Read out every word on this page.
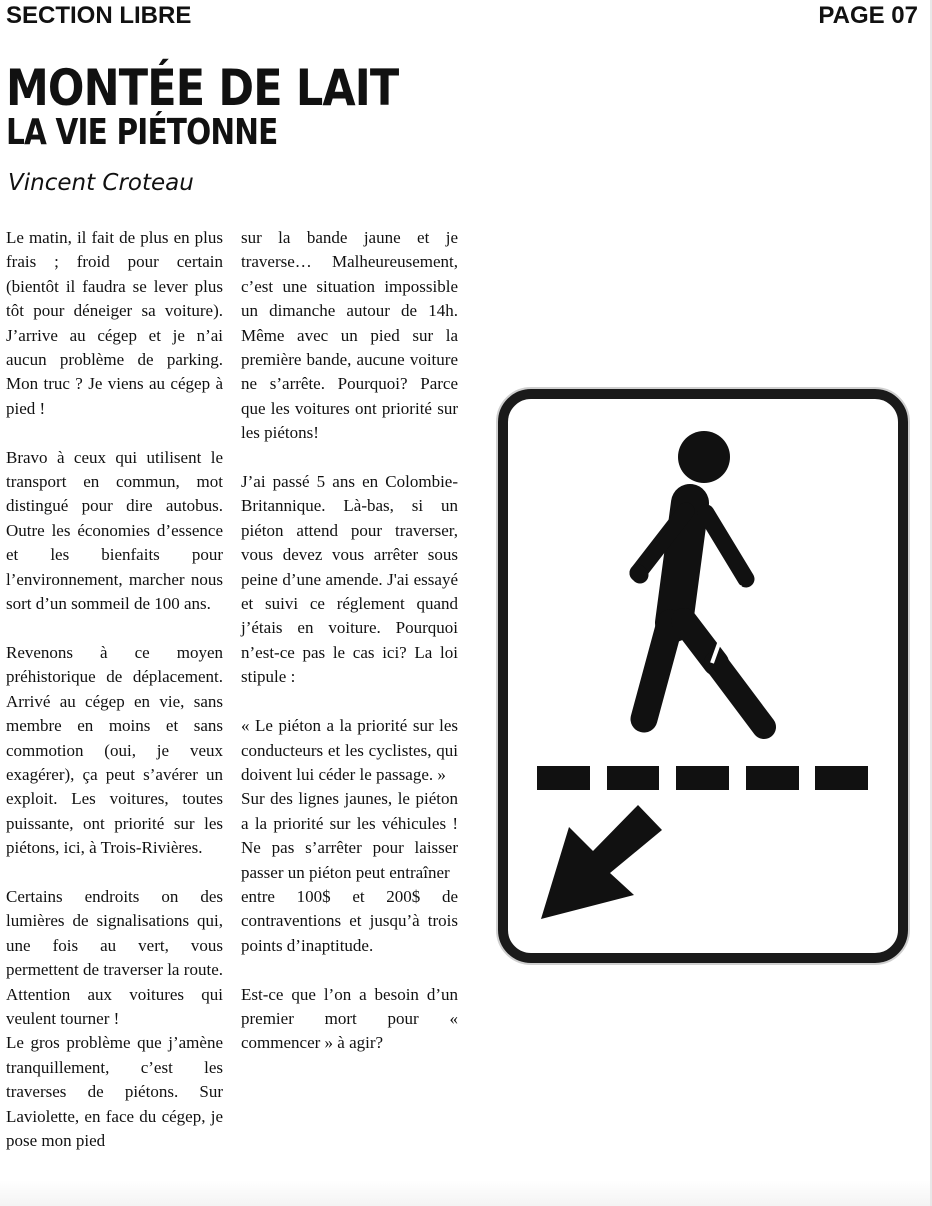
SECTION LIBRE	PAGE 07
MONTÉE DE LAIT
LA VIE PIÉTONNE
Vincent Croteau

Le matin, il fait de plus en plus frais ; froid pour certain (bientôt il faudra se lever plus tôt pour déneiger sa voiture). J’arrive au cégep et je n’ai aucun problème de parking. Mon truc ? Je viens au cégep à pied !

Bravo à ceux qui utilisent le transport en commun, mot distingué pour dire autobus. Outre les économies d’essence et les bienfaits pour l’environnement, marcher nous sort d’un sommeil de 100 ans.

Revenons à ce moyen préhistorique de déplacement. Arrivé au cégep en vie, sans membre en moins et sans commotion (oui, je veux exagérer), ça peut s’avérer un exploit. Les voitures, toutes puissante, ont priorité sur les piétons, ici, à Trois-Rivières.

Certains endroits on des lumières de signalisations qui, une fois au vert, vous permettent de traverser la route. Attention aux voitures qui veulent tourner !

Le gros problème que j’amène tranquillement, c’est les traverses de piétons. Sur Laviolette, en face du cégep, je pose mon pied

sur la bande jaune et je traverse… Malheureusement, c’est une situation impossible un dimanche autour de 14h. Même avec un pied sur la première bande, aucune voiture ne s’arrête. Pourquoi? Parce que les voitures ont priorité sur les piétons!

J’ai passé 5 ans en Colombie-Britannique. Là-bas, si un piéton attend pour traverser, vous devez vous arrêter sous peine d’une amende. J'ai essayé et suivi ce réglement quand j’étais en voiture. Pourquoi n’est-ce pas le cas ici? La loi stipule :

« Le piéton a la priorité sur les conducteurs et les cyclistes, qui doivent lui céder le passage. »

Sur des lignes jaunes, le piéton a la priorité sur les véhicules ! Ne pas s’arrêter pour laisser passer un piéton peut entraîner

entre 100$ et 200$ de contraventions et jusqu’à trois points d’inaptitude.

Est-ce que l’on a besoin d’un premier mort pour « commencer » à agir?
